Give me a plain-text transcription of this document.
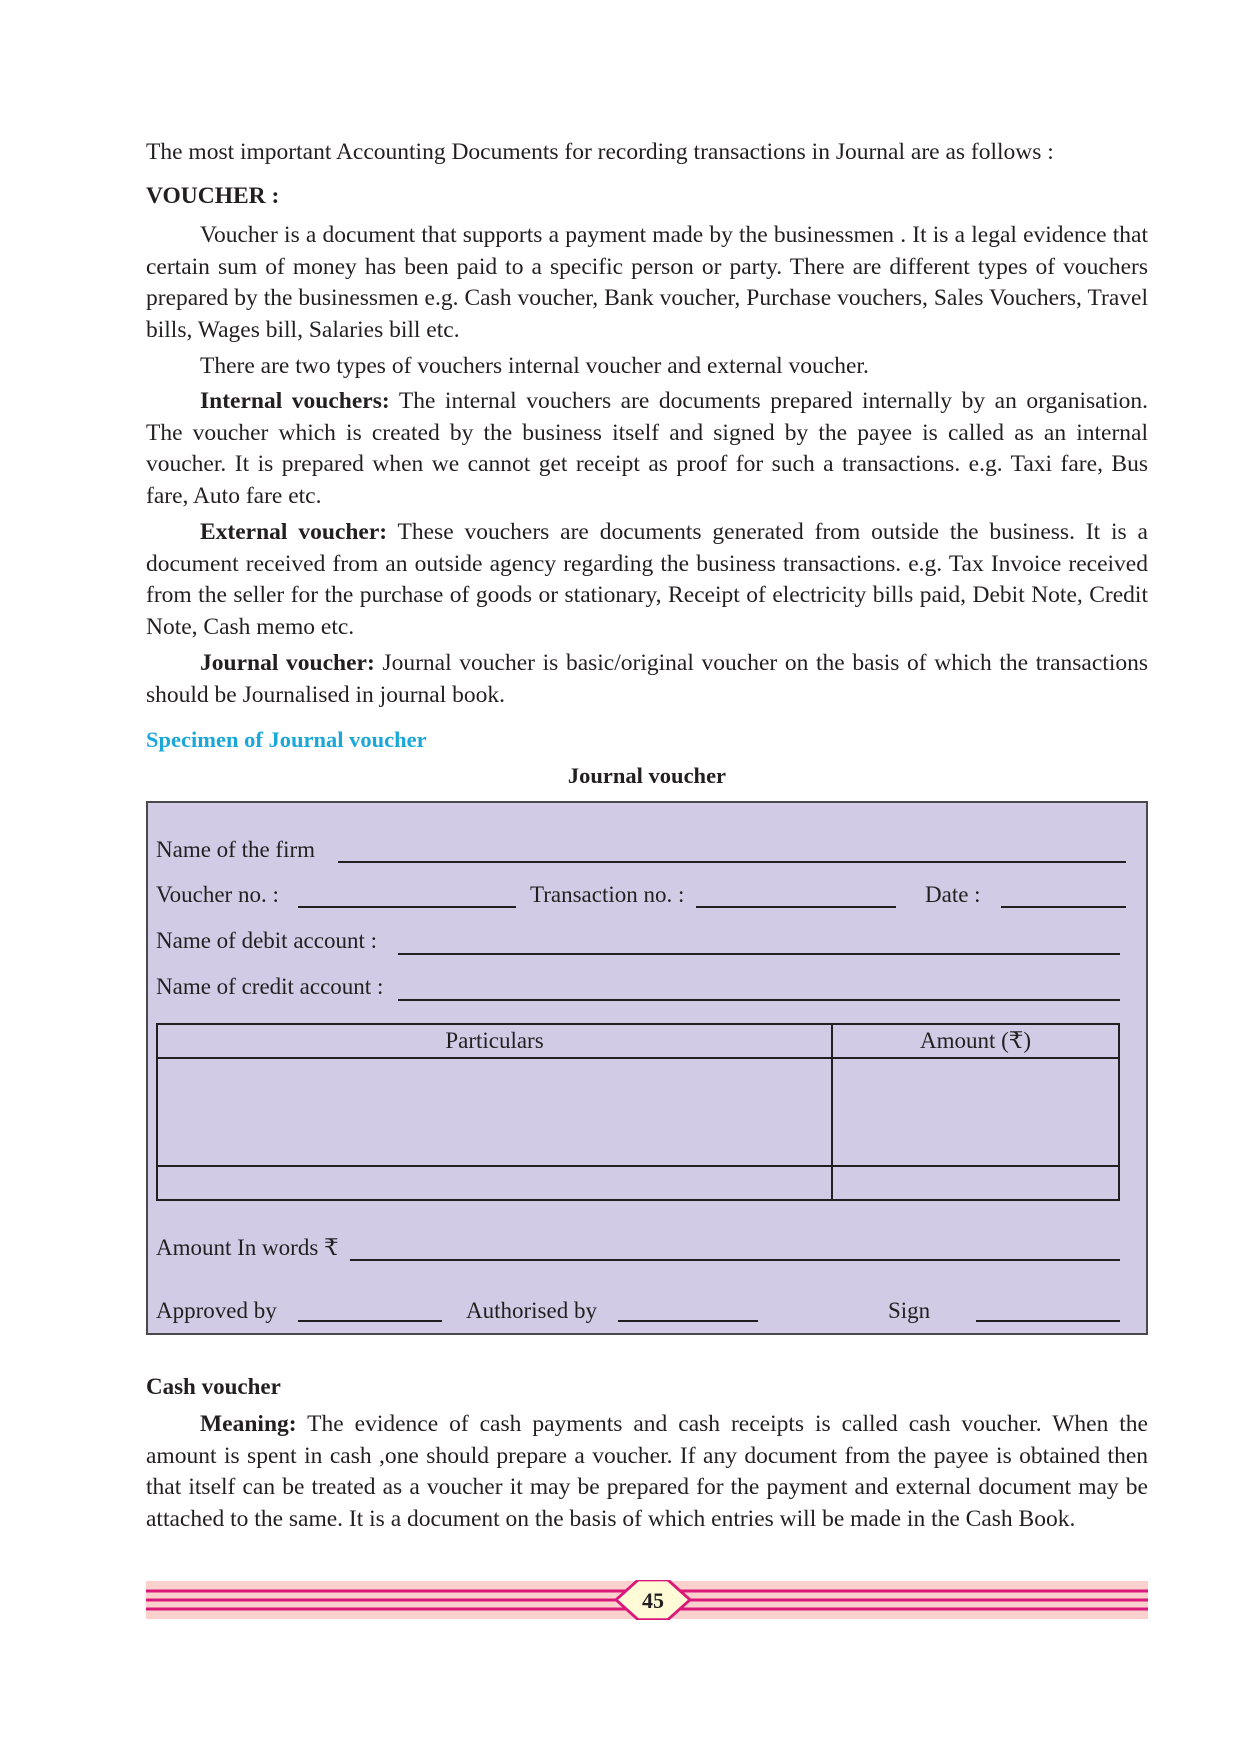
The most important Accounting Documents for recording transactions in Journal are as follows :

VOUCHER :

Voucher is a document that supports a payment made by the businessmen . It is a legal evidence that certain sum of money has been paid to a specific person or party. There are different types of vouchers prepared by the businessmen e.g. Cash voucher, Bank voucher, Purchase vouchers, Sales Vouchers, Travel bills, Wages bill, Salaries bill etc.

There are two types of vouchers internal voucher and external voucher.

Internal vouchers: The internal vouchers are documents prepared internally by an organisation. The voucher which is created by the business itself and signed by the payee is called as an internal voucher. It is prepared when we cannot get receipt as proof for such a transactions. e.g. Taxi fare, Bus fare, Auto fare etc.

External voucher: These vouchers are documents generated from outside the business. It is a document received from an outside agency regarding the business transactions. e.g. Tax Invoice received from the seller for the purchase of goods or stationary, Receipt of electricity bills paid, Debit Note, Credit Note, Cash memo etc.

Journal voucher: Journal voucher is basic/original voucher on the basis of which the transactions should be Journalised in journal book.

Specimen of Journal voucher

Journal voucher

Name of the firm
Voucher no. :	Transaction no. :	Date :
Name of debit account :
Name of credit account :
Particulars	Amount (₹)

Amount In words ₹
Approved by	Authorised by	Sign

Cash voucher

Meaning: The evidence of cash payments and cash receipts is called cash voucher. When the amount is spent in cash ,one should prepare a voucher. If any document from the payee is obtained then that itself can be treated as a voucher it may be prepared for the payment and external document may be attached to the same. It is a document on the basis of which entries will be made in the Cash Book.

45
